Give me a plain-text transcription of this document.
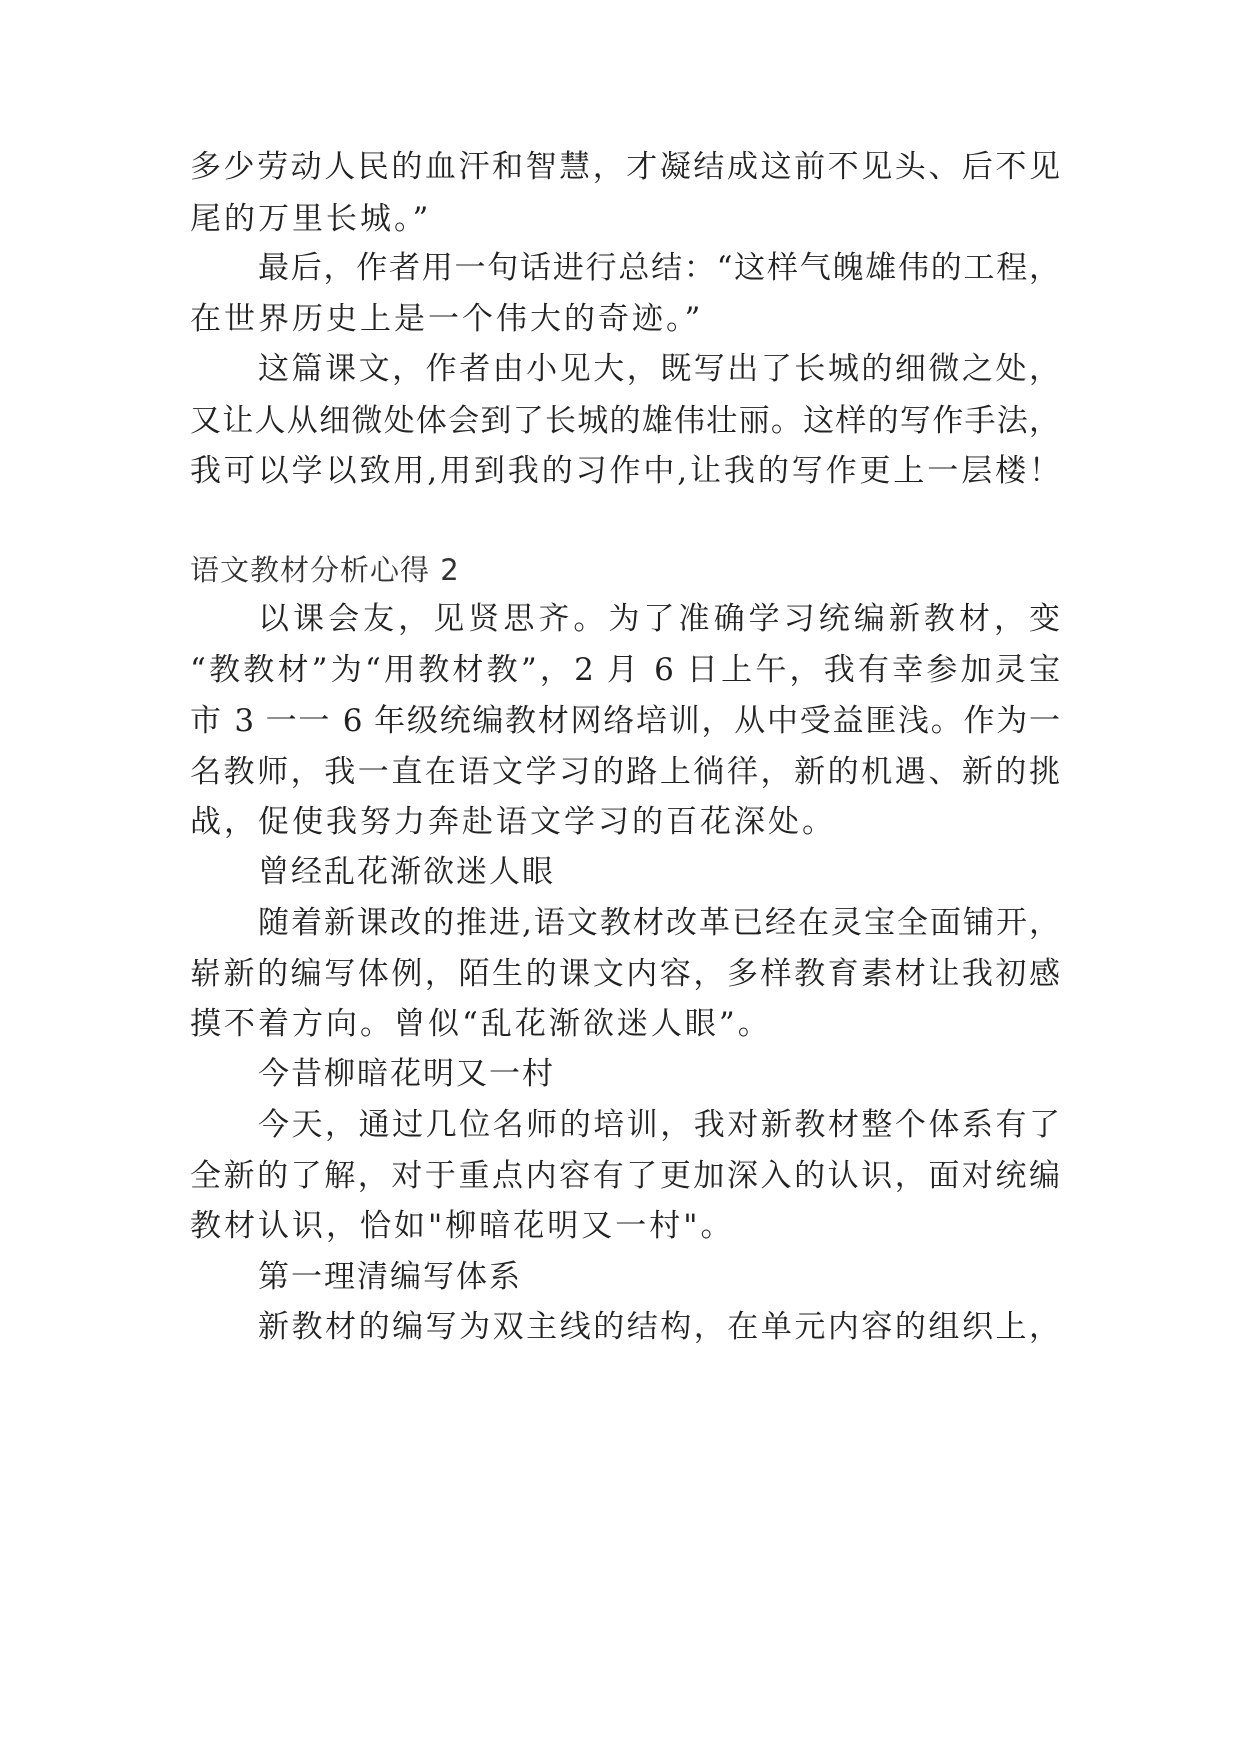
多少劳动人民的血汗和智慧，才凝结成这前不见头、后不见
尾的万里长城。”
最后，作者用一句话进行总结：“这样气魄雄伟的工程，
在世界历史上是一个伟大的奇迹。”
这篇课文，作者由小见大，既写出了长城的细微之处，
又让人从细微处体会到了长城的雄伟壮丽。这样的写作手法，
我可以学以致用,用到我的习作中,让我的写作更上一层楼！
语文教材分析心得 2
以课会友，见贤思齐。为了准确学习统编新教材，变
“教教材”为“用教材教”，2 月 6 日上午，我有幸参加灵宝
市 3 一一 6 年级统编教材网络培训，从中受益匪浅。作为一
名教师，我一直在语文学习的路上徜徉，新的机遇、新的挑
战，促使我努力奔赴语文学习的百花深处。
曾经乱花渐欲迷人眼
随着新课改的推进,语文教材改革已经在灵宝全面铺开，
崭新的编写体例，陌生的课文内容，多样教育素材让我初感
摸不着方向。曾似“乱花渐欲迷人眼”。
今昔柳暗花明又一村
今天，通过几位名师的培训，我对新教材整个体系有了
全新的了解，对于重点内容有了更加深入的认识，面对统编
教材认识，恰如"柳暗花明又一村"。
第一理清编写体系
新教材的编写为双主线的结构，在单元内容的组织上，
